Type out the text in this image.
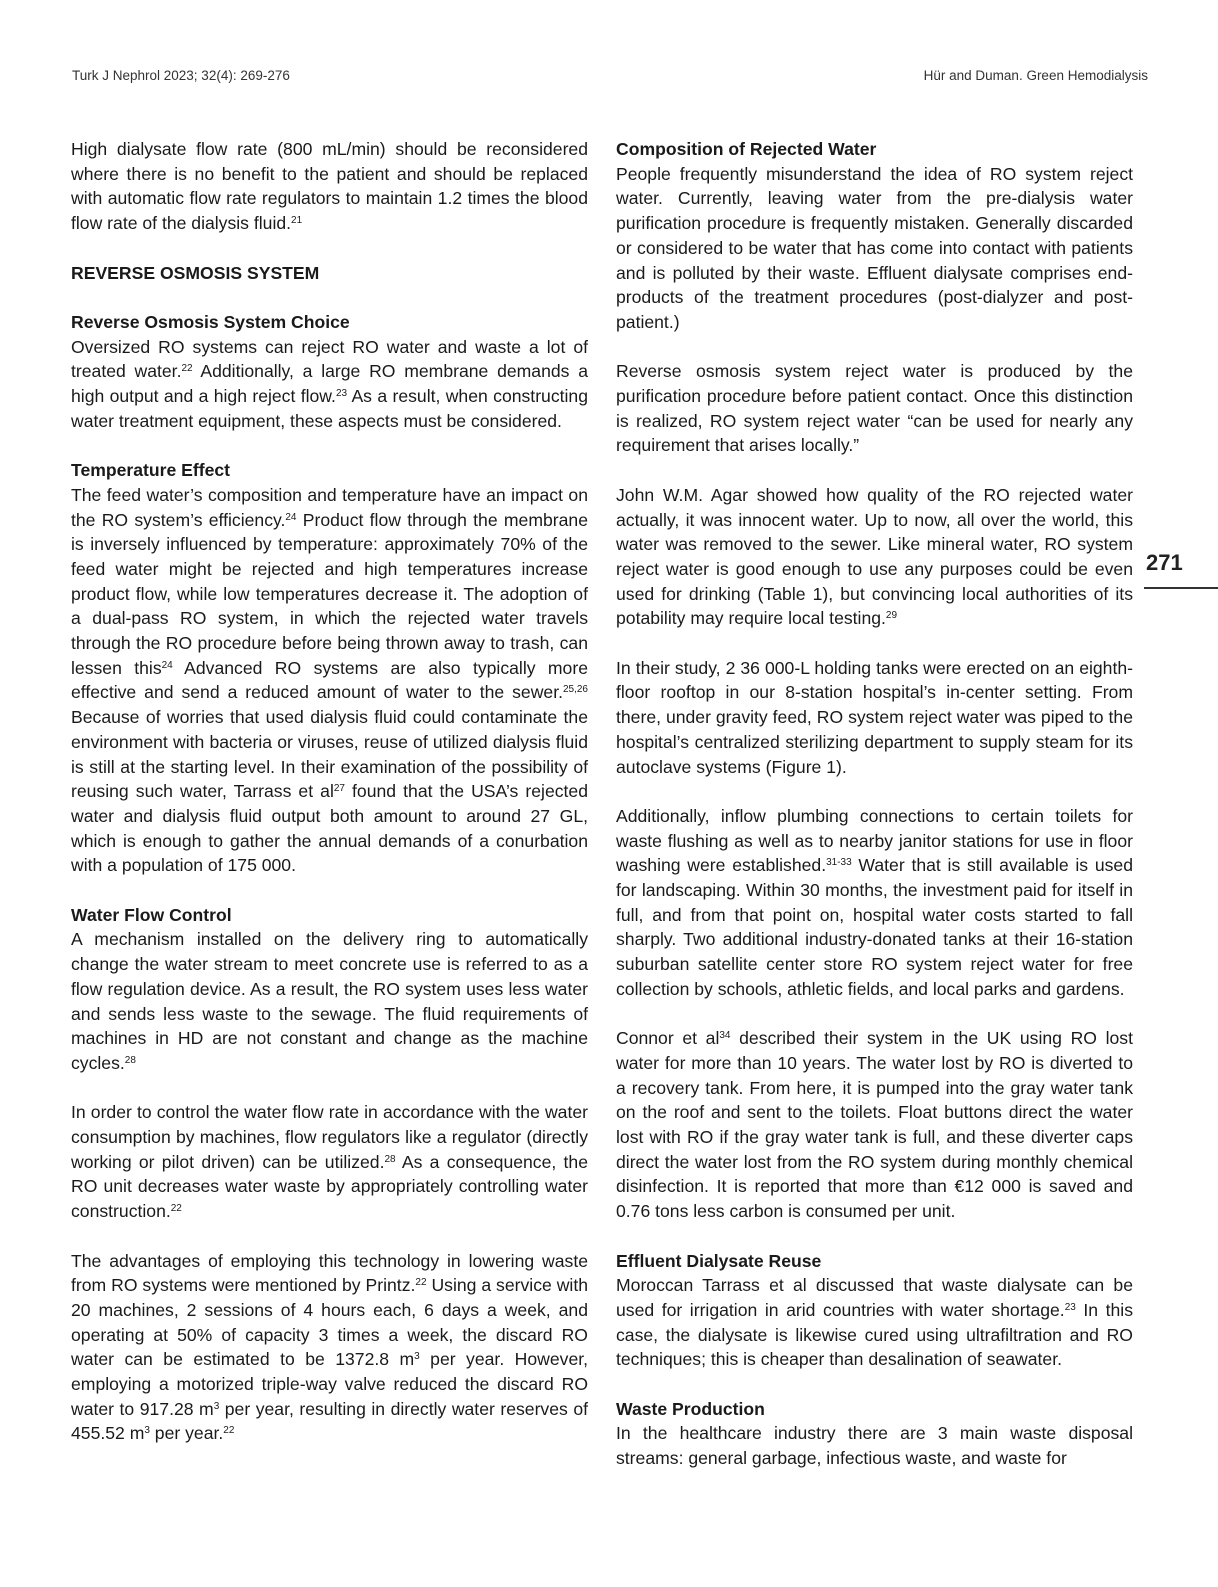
Turk J Nephrol 2023; 32(4): 269-276	Hür and Duman. Green Hemodialysis
271

High dialysate flow rate (800 mL/min) should be reconsidered where there is no benefit to the patient and should be replaced with automatic flow rate regulators to maintain 1.2 times the blood flow rate of the dialysis fluid.$^{21}$

REVERSE OSMOSIS SYSTEM
Reverse Osmosis System Choice

Oversized RO systems can reject RO water and waste a lot of treated water.$^{22}$ Additionally, a large RO membrane demands a high output and a high reject flow.$^{23}$ As a result, when constructing water treatment equipment, these aspects must be considered.

Temperature Effect

The feed water’s composition and temperature have an impact on the RO system’s efficiency.$^{24}$ Product flow through the membrane is inversely influenced by temperature: approximately 70% of the feed water might be rejected and high temperatures increase product flow, while low temperatures decrease it. The adoption of a dual-pass RO system, in which the rejected water travels through the RO procedure before being thrown away to trash, can lessen this$^{24}$ Advanced RO systems are also typically more effective and send a reduced amount of water to the sewer.$^{25,26}$ Because of worries that used dialysis fluid could contaminate the environment with bacteria or viruses, reuse of utilized dialysis fluid is still at the starting level. In their examination of the possibility of reusing such water, Tarrass et $al^{27}$ found that the USA’s rejected water and dialysis fluid output both amount to around 27 GL, which is enough to gather the annual demands of a conurbation with a population of 175 000.

Water Flow Control

A mechanism installed on the delivery ring to automatically change the water stream to meet concrete use is referred to as a flow regulation device. As a result, the RO system uses less water and sends less waste to the sewage. The fluid requirements of machines in HD are not constant and change as the machine cycles.$^{28}$

In order to control the water flow rate in accordance with the water consumption by machines, flow regulators like a regulator (directly working or pilot driven) can be utilized.$^{28}$ As a consequence, the RO unit decreases water waste by appropriately controlling water construction.$^{22}$

The advantages of employing this technology in lowering waste from RO systems were mentioned by Printz.$^{22}$ Using a service with 20 machines, 2 sessions of 4 hours each, 6 days a week, and operating at 50% of capacity 3 times a week, the discard RO water can be estimated to be 1372.8 $m^3$ per year. However, employing a motorized triple-way valve reduced the discard RO water to 917.28 $m^3$ per year, resulting in directly water reserves of 455.52 $m^3$ per year.$^{22}$

Composition of Rejected Water

People frequently misunderstand the idea of RO system reject water. Currently, leaving water from the pre-dialysis water purification procedure is frequently mistaken. Generally discarded or considered to be water that has come into contact with patients and is polluted by their waste. Effluent dialysate comprises end-products of the treatment procedures (post-dialyzer and post-patient.)

Reverse osmosis system reject water is produced by the purification procedure before patient contact. Once this distinction is realized, RO system reject water “can be used for nearly any requirement that arises locally.”

John W.M. Agar showed how quality of the RO rejected water actually, it was innocent water. Up to now, all over the world, this water was removed to the sewer. Like mineral water, RO system reject water is good enough to use any purposes could be even used for drinking (Table 1), but convincing local authorities of its potability may require local testing.$^{29}$

In their study, 2 36 000-L holding tanks were erected on an eighth-floor rooftop in our 8-station hospital’s in-center setting. From there, under gravity feed, RO system reject water was piped to the hospital’s centralized sterilizing department to supply steam for its autoclave systems (Figure 1).

Additionally, inflow plumbing connections to certain toilets for waste flushing as well as to nearby janitor stations for use in floor washing were established.$^{31-33}$ Water that is still available is used for landscaping. Within 30 months, the investment paid for itself in full, and from that point on, hospital water costs started to fall sharply. Two additional industry-donated tanks at their 16-station suburban satellite center store RO system reject water for free collection by schools, athletic fields, and local parks and gardens.

Connor et $al^{34}$ described their system in the UK using RO lost water for more than 10 years. The water lost by RO is diverted to a recovery tank. From here, it is pumped into the gray water tank on the roof and sent to the toilets. Float buttons direct the water lost with RO if the gray water tank is full, and these diverter caps direct the water lost from the RO system during monthly chemical disinfection. It is reported that more than €12 000 is saved and 0.76 tons less carbon is consumed per unit.

Effluent Dialysate Reuse

Moroccan Tarrass et al discussed that waste dialysate can be used for irrigation in arid countries with water shortage.$^{23}$ In this case, the dialysate is likewise cured using ultrafiltration and RO techniques; this is cheaper than desalination of seawater.

Waste Production

In the healthcare industry there are 3 main waste disposal streams: general garbage, infectious waste, and waste for
